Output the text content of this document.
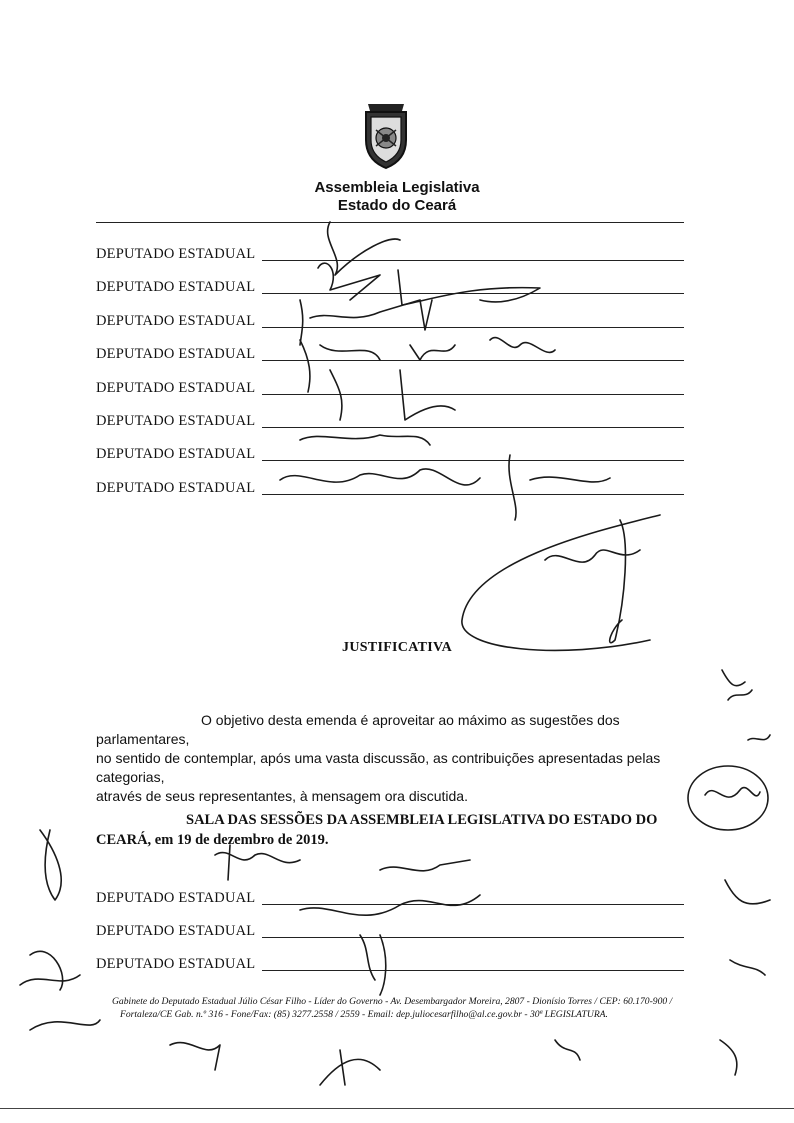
Assembleia Legislativa
Estado do Ceará
DEPUTADO ESTADUAL
DEPUTADO ESTADUAL
DEPUTADO ESTADUAL
DEPUTADO ESTADUAL
DEPUTADO ESTADUAL
DEPUTADO ESTADUAL
DEPUTADO ESTADUAL
DEPUTADO ESTADUAL
JUSTIFICATIVA
O objetivo desta emenda é aproveitar ao máximo as sugestões dos parlamentares,
no sentido de contemplar, após uma vasta discussão, as contribuições apresentadas pelas categorias,
através de seus representantes, à mensagem ora discutida.
SALA DAS SESSÕES DA ASSEMBLEIA LEGISLATIVA DO ESTADO DO
CEARÁ, em 19 de dezembro de 2019.
DEPUTADO ESTADUAL
DEPUTADO ESTADUAL
DEPUTADO ESTADUAL
Gabinete do Deputado Estadual Júlio César Filho - Líder do Governo - Av. Desembargador Moreira, 2807 - Dionísio Torres / CEP: 60.170-900 /
Fortaleza/CE Gab. n.º 316 - Fone/Fax: (85) 3277.2558 / 2559 - Email: dep.juliocesarfilho@al.ce.gov.br - 30ª LEGISLATURA.
